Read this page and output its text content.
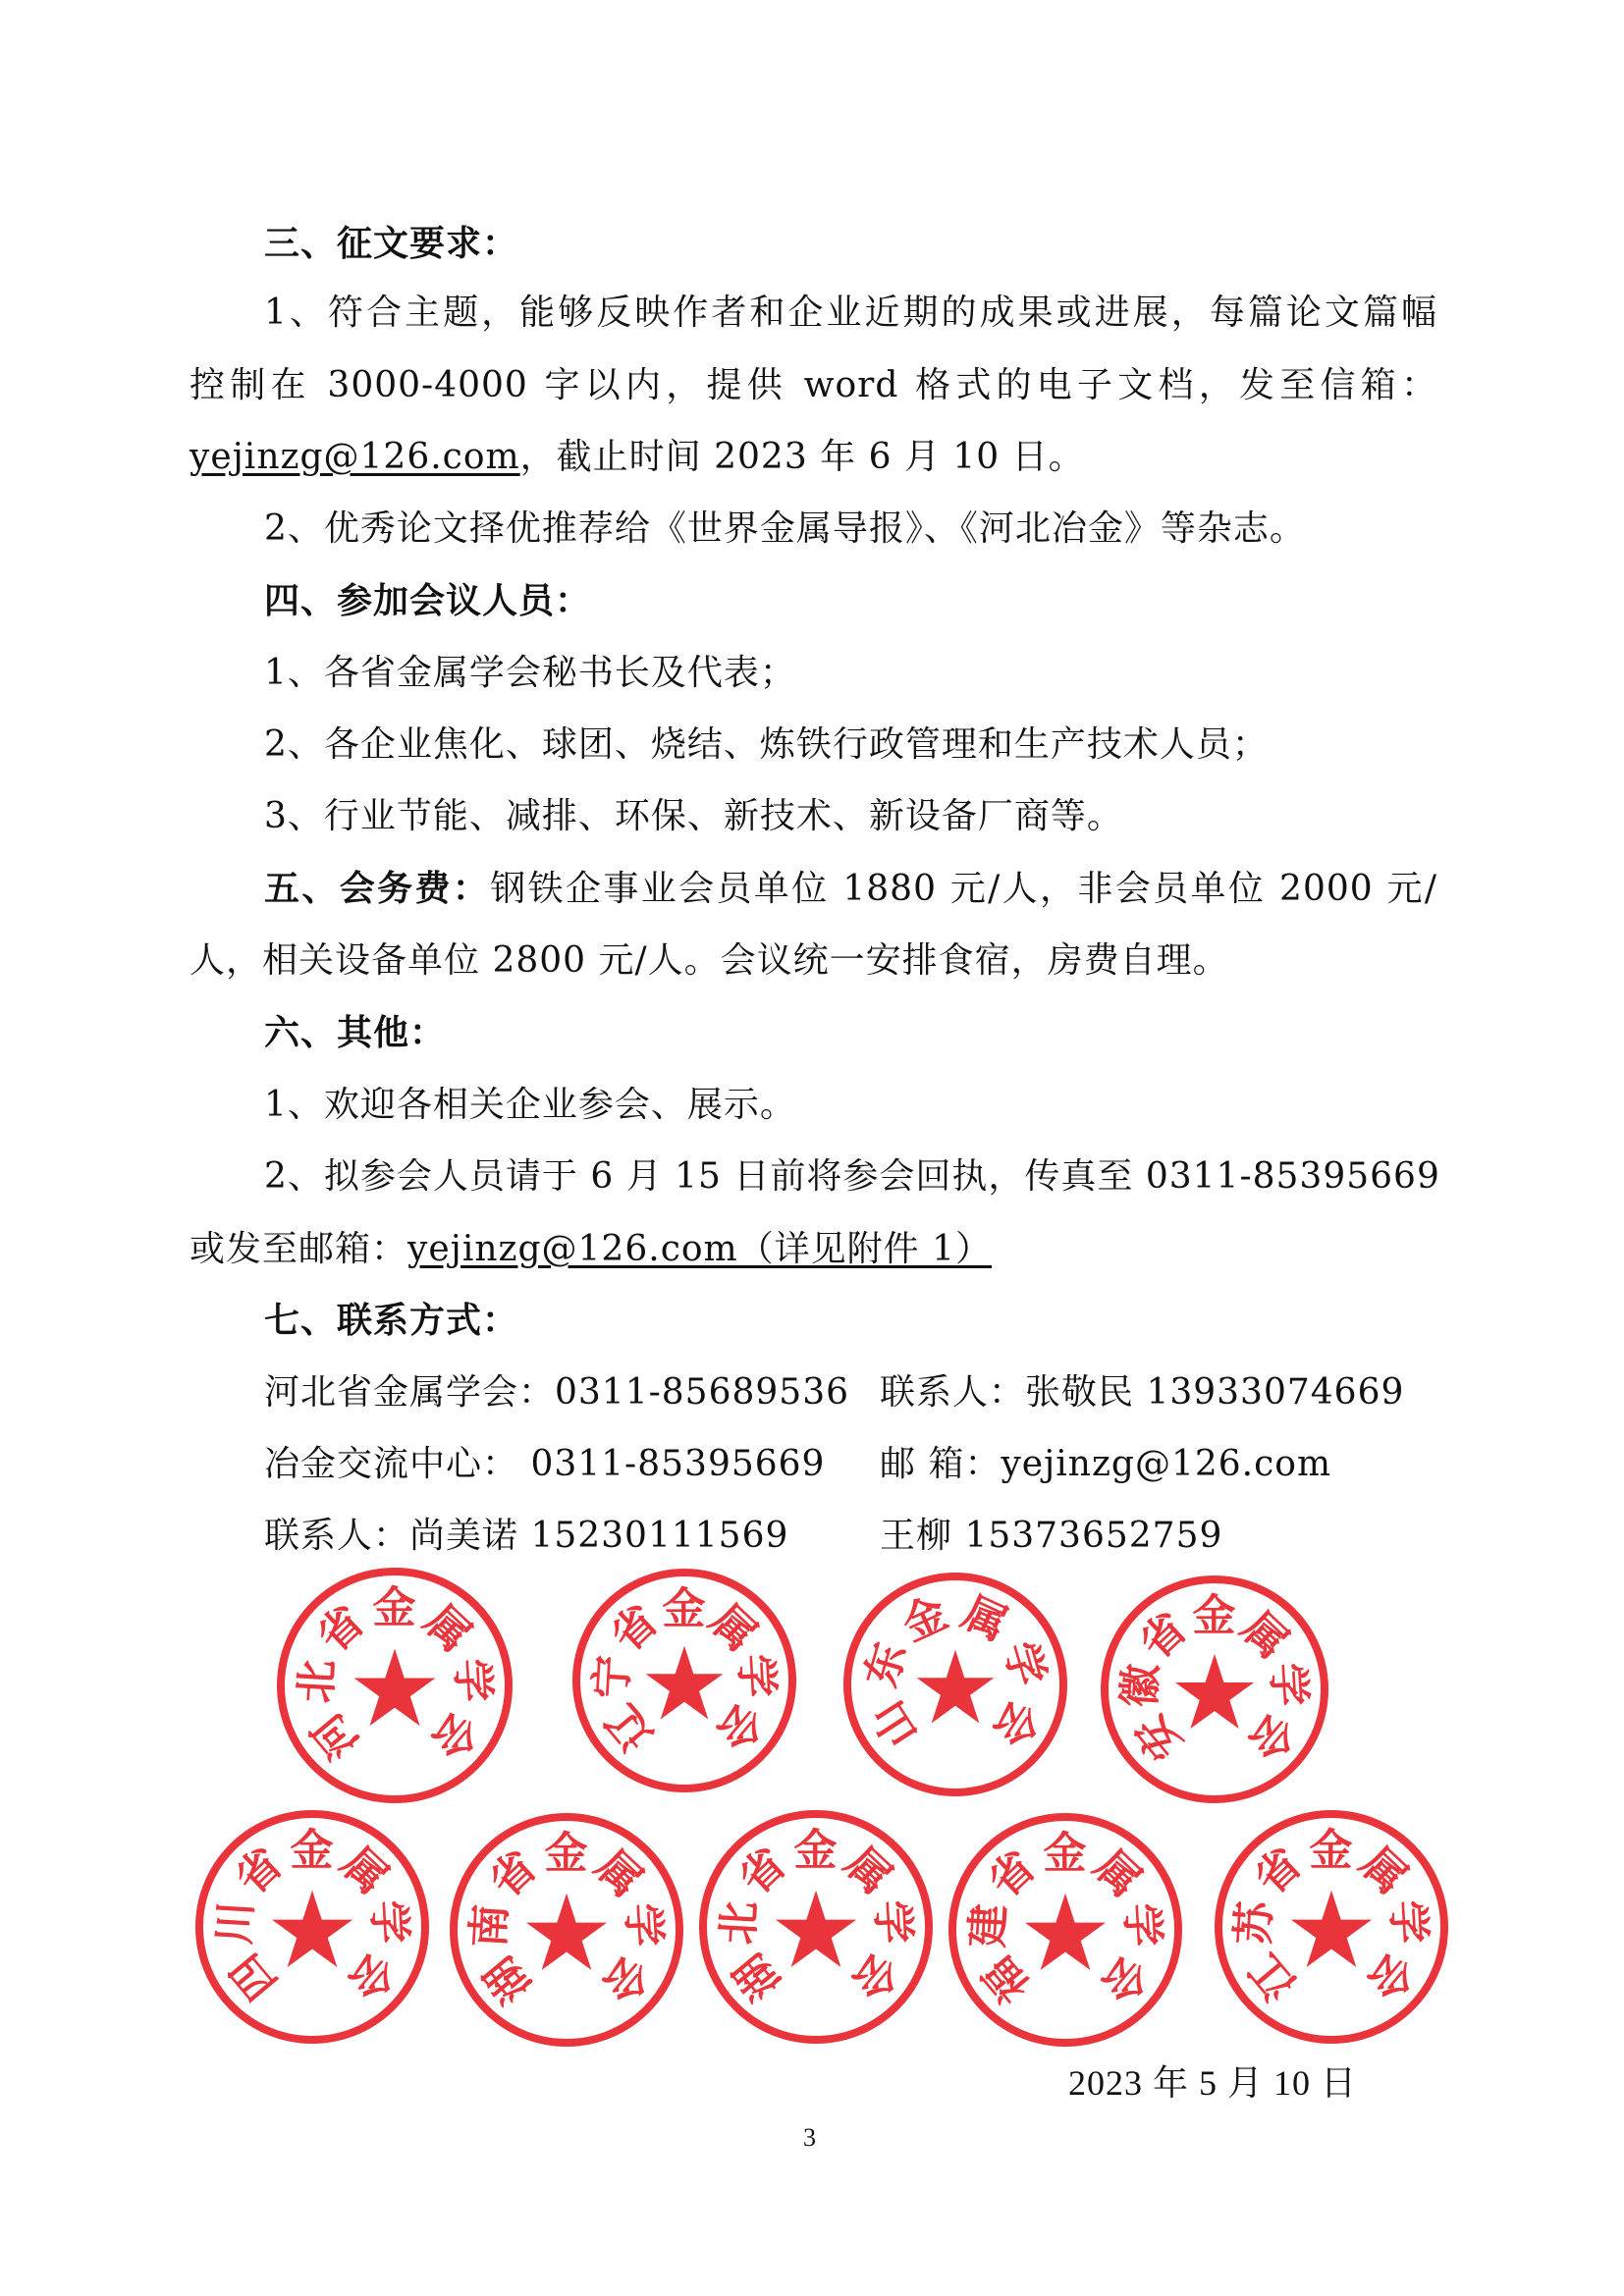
三、征文要求：
1、符合主题，能够反映作者和企业近期的成果或进展，每篇论文篇幅
控制在 3000-4000 字以内，提供 word 格式的电子文档，发至信箱：
yejinzg@126.com，截止时间 2023 年 6 月 10 日。
2、优秀论文择优推荐给《世界金属导报》、《河北冶金》等杂志。
四、参加会议人员：
1、各省金属学会秘书长及代表；
2、各企业焦化、球团、烧结、炼铁行政管理和生产技术人员；
3、行业节能、减排、环保、新技术、新设备厂商等。
五、会务费：钢铁企事业会员单位 1880 元/人，非会员单位 2000 元/
人，相关设备单位 2800 元/人。会议统一安排食宿，房费自理。
六、其他：
1、欢迎各相关企业参会、展示。
2、拟参会人员请于 6 月 15 日前将参会回执，传真至 0311-85395669
或发至邮箱：yejinzg@126.com（详见附件 1）
七、联系方式：
河北省金属学会：0311-85689536 联系人：张敬民 13933074669
冶金交流中心： 0311-85395669 邮 箱：yejinzg@126.com
联系人：尚美诺 15230111569	王柳 15373652759
河
北
省
金
属
学
会	辽
宁
省
金
属
学
会 山
东
金
属
学
会 安
徽
省
金
属
学
会
四
川
省
金
属
学
会 湖
南
省
金
属
学
会 湖
北
省
金
属
学
会 福
建
省
金
属
学
会 江
苏
省
金
属
学
会
2023 年 5 月 10 日
3
